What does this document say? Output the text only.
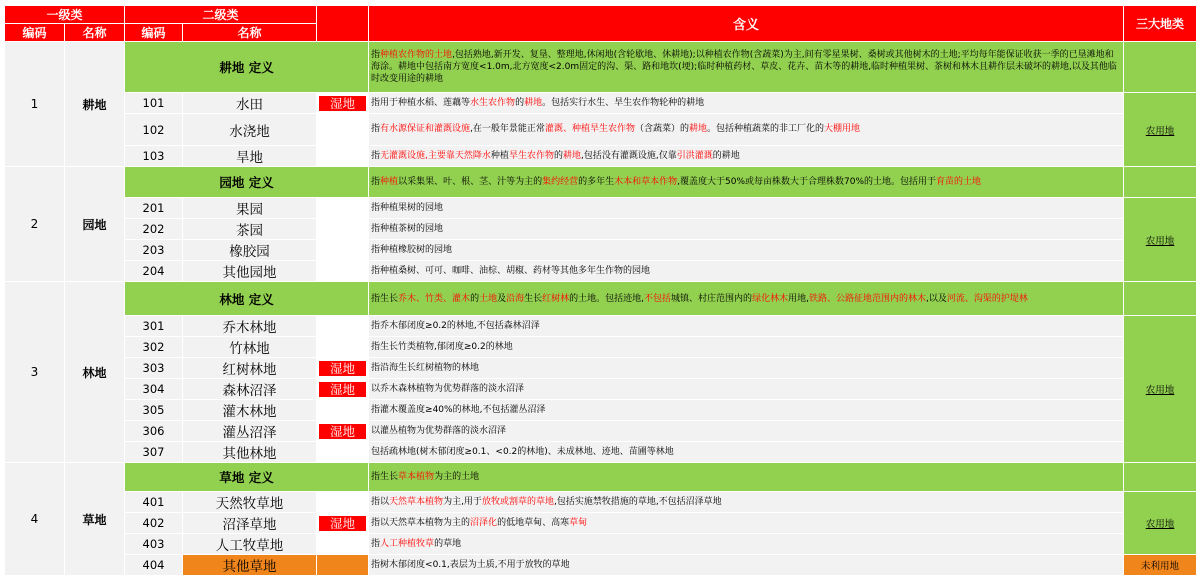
一级类		二级类			含义	三大地类
编码	名称	编码	名称			
1	耕地	耕地 定义			指种植农作物的土地,包括熟地,新开发、复垦、整理地,休闲地(含轮歇地、休耕地);以种植农作物(含蔬菜)为主,间有零星果树、桑树或其他树木的土地;平均每年能保证收获一季的已垦滩地和海涂。耕地中包括南方宽度<1.0m,北方宽度<2.0m固定的沟、渠、路和地坎(埂);临时种植药材、草皮、花卉、苗木等的耕地,临时种植果树、茶树和林木且耕作层未破坏的耕地,以及其他临时改变用途的耕地	
		101	水田	湿地	指用于种植水稻、莲藕等水生农作物的耕地。包括实行水生、旱生农作物轮种的耕地	农用地
		102	水浇地		指有水源保证和灌溉设施,在一般年景能正常灌溉、种植旱生农作物（含蔬菜）的耕地。包括种植蔬菜的非工厂化的大棚用地	
		103	旱地		指无灌溉设施,主要靠天然降水种植旱生农作物的耕地,包括没有灌溉设施,仅靠引洪灌溉的耕地	
2	园地	园地 定义			指种植以采集果、叶、根、茎、汁等为主的集约经营的多年生木本和草本作物,覆盖度大于50%或每亩株数大于合理株数70%的土地。包括用于育苗的土地	
		201	果园		指种植果树的园地	农用地
		202	茶园		指种植茶树的园地	
		203	橡胶园		指种植橡胶树的园地	
		204	其他园地		指种植桑树、可可、咖啡、油棕、胡椒、药材等其他多年生作物的园地	
3	林地	林地 定义			指生长乔木、竹类、灌木的土地及沿海生长红树林的土地。包括迹地,不包括城镇、村庄范围内的绿化林木用地,铁路、公路征地范围内的林木,以及河流、沟渠的护堤林	
		301	乔木林地		指乔木郁闭度≥0.2的林地,不包括森林沼泽	农用地
		302	竹林地		指生长竹类植物,郁闭度≥0.2的林地	
		303	红树林地	湿地	指沿海生长红树植物的林地	
		304	森林沼泽	湿地	以乔木森林植物为优势群落的淡水沼泽	
		305	灌木林地		指灌木覆盖度≥40%的林地,不包括灌丛沼泽	
		306	灌丛沼泽	湿地	以灌丛植物为优势群落的淡水沼泽	
		307	其他林地		包括疏林地(树木郁闭度≥0.1、<0.2的林地)、未成林地、迹地、苗圃等林地	
4	草地	草地 定义			指生长草本植物为主的土地	
		401	天然牧草地		指以天然草本植物为主,用于放牧或割草的草地,包括实施禁牧措施的草地,不包括沼泽草地	农用地
		402	沼泽草地	湿地	指以天然草本植物为主的沼泽化的低地草甸、高寒草甸	
		403	人工牧草地		指人工种植牧草的草地	
		404	其他草地		指树木郁闭度<0.1,表层为土质,不用于放牧的草地	未利用地
